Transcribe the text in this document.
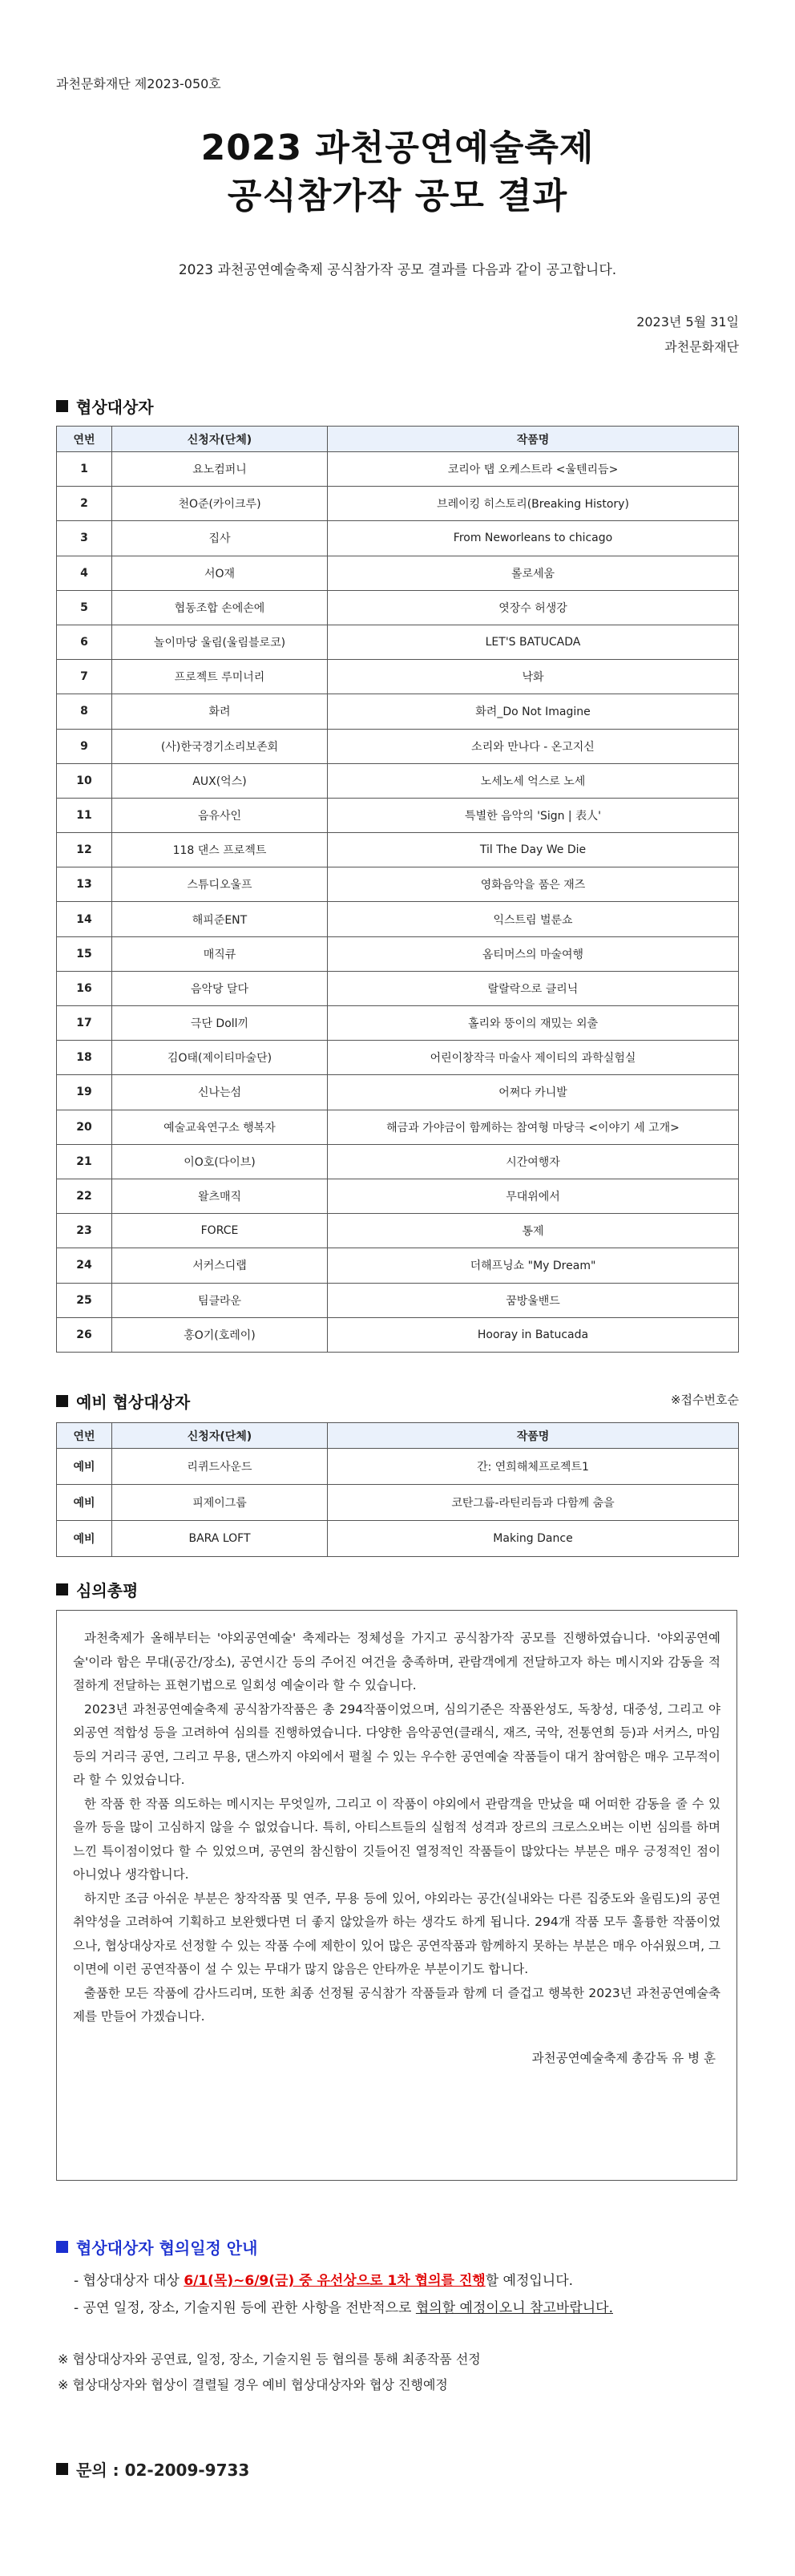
과천문화재단 제2023-050호
2023 과천공연예술축제
공식참가작 공모 결과
2023 과천공연예술축제 공식참가작 공모 결과를 다음과 같이 공고합니다.
2023년 5월 31일
과천문화재단
협상대상자
연번	신청자(단체)	작품명
1	요노컴퍼니	코리아 탭 오케스트라 <울텐리듬>
2	천O준(카이크루)	브레이킹 히스토리(Breaking History)
3	집사	From Neworleans to chicago
4	서O재	롤로세움
5	협동조합 손에손에	엿장수 허생강
6	놀이마당 울림(울림블로코)	LET'S BATUCADA
7	프로젝트 루미너리	낙화
8	화려	화려_Do Not Imagine
9	(사)한국경기소리보존회	소리와 만나다 - 온고지신
10	AUX(억스)	노세노세 억스로 노세
11	음유사인	특별한 음악의 'Sign | 表人'
12	118 댄스 프로젝트	Til The Day We Die
13	스튜디오울프	영화음악을 품은 재즈
14	해피준ENT	익스트림 벌룬쇼
15	매직큐	옴티머스의 마술여행
16	음악당 달다	랄랄락으로 클리닉
17	극단 Doll끼	홀리와 뚱이의 재밌는 외출
18	김O태(제이티마술단)	어린이창작극 마술사 제이티의 과학실험실
19	신나는섬	어쩌다 카니발
20	예술교육연구소 행복자	해금과 가야금이 함께하는 참여형 마당극 <이야기 세 고개>
21	이O호(다이브)	시간여행자
22	왈츠매직	무대위에서
23	FORCE	통제
24	서커스디랩	더해프닝쇼 "My Dream"
25	팀클라운	꿈방울밴드
26	홍O기(호레이)	Hooray in Batucada
예비 협상대상자	※접수번호순
연번	신청자(단체)	작품명
예비	리퀴드사운드	간: 연희해체프로젝트1
예비	피제이그룹	코탄그룹-라틴리듬과 다함께 춤을
예비	BARA LOFT	Making Dance
심의총평

과천축제가 올해부터는 '야외공연예술' 축제라는 정체성을 가지고 공식참가작 공모를 진행하였습니다. '야외공연예술'이라 함은 무대(공간/장소), 공연시간 등의 주어진 여건을 충족하며, 관람객에게 전달하고자 하는 메시지와 감동을 적절하게 전달하는 표현기법으로 일회성 예술이라 할 수 있습니다.

2023년 과천공연예술축제 공식참가작품은 총 294작품이었으며, 심의기준은 작품완성도, 독창성, 대중성, 그리고 야외공연 적합성 등을 고려하여 심의를 진행하였습니다. 다양한 음악공연(클래식, 재즈, 국악, 전통연희 등)과 서커스, 마임 등의 거리극 공연, 그리고 무용, 댄스까지 야외에서 펼칠 수 있는 우수한 공연예술 작품들이 대거 참여함은 매우 고무적이라 할 수 있었습니다.

한 작품 한 작품 의도하는 메시지는 무엇일까, 그리고 이 작품이 야외에서 관람객을 만났을 때 어떠한 감동을 줄 수 있을까 등을 많이 고심하지 않을 수 없었습니다. 특히, 아티스트들의 실험적 성격과 장르의 크로스오버는 이번 심의를 하며 느낀 특이점이었다 할 수 있었으며, 공연의 참신함이 깃들어진 열정적인 작품들이 많았다는 부분은 매우 긍정적인 점이 아니었나 생각합니다.

하지만 조금 아쉬운 부분은 창작작품 및 연주, 무용 등에 있어, 야외라는 공간(실내와는 다른 집중도와 울림도)의 공연 취약성을 고려하여 기획하고 보완했다면 더 좋지 않았을까 하는 생각도 하게 됩니다. 294개 작품 모두 훌륭한 작품이었으나, 협상대상자로 선정할 수 있는 작품 수에 제한이 있어 많은 공연작품과 함께하지 못하는 부분은 매우 아쉬웠으며, 그 이면에 이런 공연작품이 설 수 있는 무대가 많지 않음은 안타까운 부분이기도 합니다.

출품한 모든 작품에 감사드리며, 또한 최종 선정될 공식참가 작품들과 함께 더 즐겁고 행복한 2023년 과천공연예술축제를 만들어 가겠습니다.

과천공연예술축제 총감독 유 병 훈
협상대상자 협의일정 안내
- 협상대상자 대상 6/1(목)~6/9(금) 중 유선상으로 1차 협의를 진행할 예정입니다.
- 공연 일정, 장소, 기술지원 등에 관한 사항을 전반적으로 협의할 예정이오니 참고바랍니다.
※ 협상대상자와 공연료, 일정, 장소, 기술지원 등 협의를 통해 최종작품 선정
※ 협상대상자와 협상이 결렬될 경우 예비 협상대상자와 협상 진행예정
문의 : 02-2009-9733
